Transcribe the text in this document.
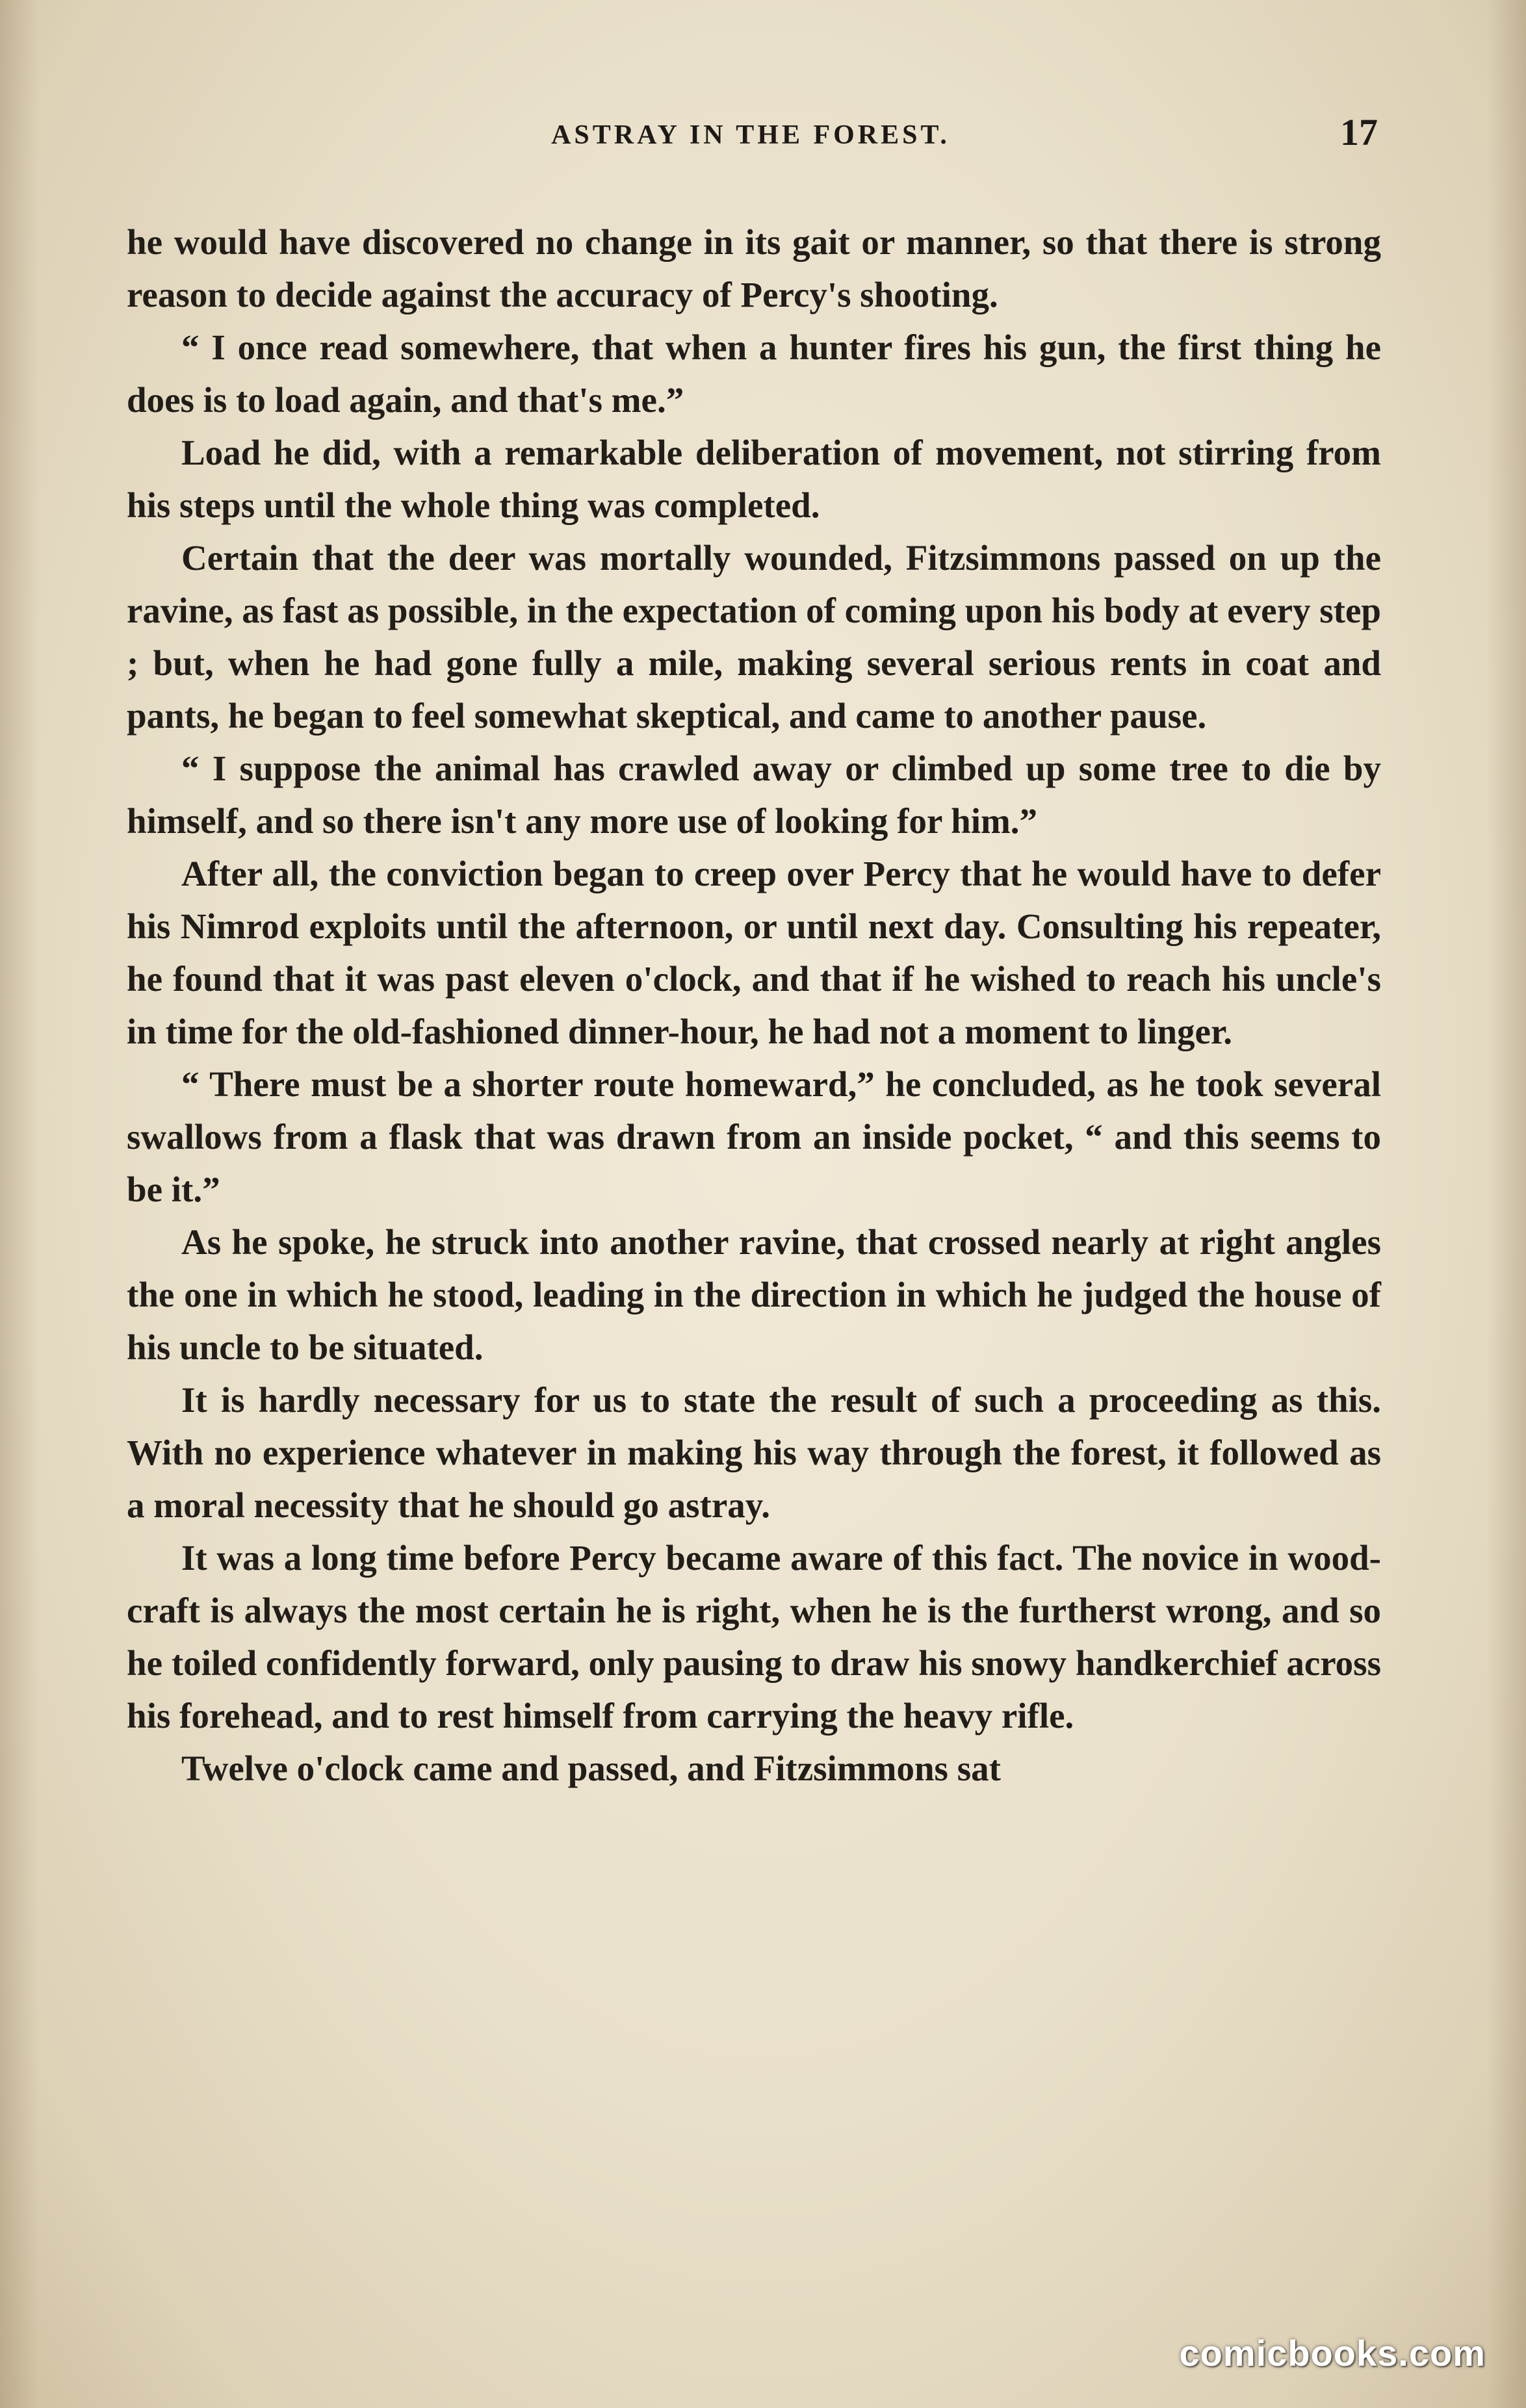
ASTRAY IN THE FOREST.	17

he would have discovered no change in its gait or manner, so that there is strong reason to decide against the accuracy of Percy's shooting.

“ I once read somewhere, that when a hunter fires his gun, the first thing he does is to load again, and that's me.”

Load he did, with a remarkable deliberation of movement, not stirring from his steps until the whole thing was completed.

Certain that the deer was mortally wounded, Fitzsimmons passed on up the ravine, as fast as possible, in the expectation of coming upon his body at every step ; but, when he had gone fully a mile, making several serious rents in coat and pants, he began to feel somewhat skeptical, and came to another pause.

“ I suppose the animal has crawled away or climbed up some tree to die by himself, and so there isn't any more use of looking for him.”

After all, the conviction began to creep over Percy that he would have to defer his Nimrod exploits until the afternoon, or until next day. Consulting his repeater, he found that it was past eleven o'clock, and that if he wished to reach his uncle's in time for the old-fashioned dinner-hour, he had not a moment to linger.

“ There must be a shorter route homeward,” he concluded, as he took several swallows from a flask that was drawn from an inside pocket, “ and this seems to be it.”

As he spoke, he struck into another ravine, that crossed nearly at right angles the one in which he stood, leading in the direction in which he judged the house of his uncle to be situated.

It is hardly necessary for us to state the result of such a proceeding as this. With no experience whatever in making his way through the forest, it followed as a moral necessity that he should go astray.

It was a long time before Percy became aware of this fact. The novice in wood-craft is always the most certain he is right, when he is the furtherst wrong, and so he toiled confidently forward, only pausing to draw his snowy handkerchief across his forehead, and to rest himself from carrying the heavy rifle.

Twelve o'clock came and passed, and Fitzsimmons sat

comicbooks.com
